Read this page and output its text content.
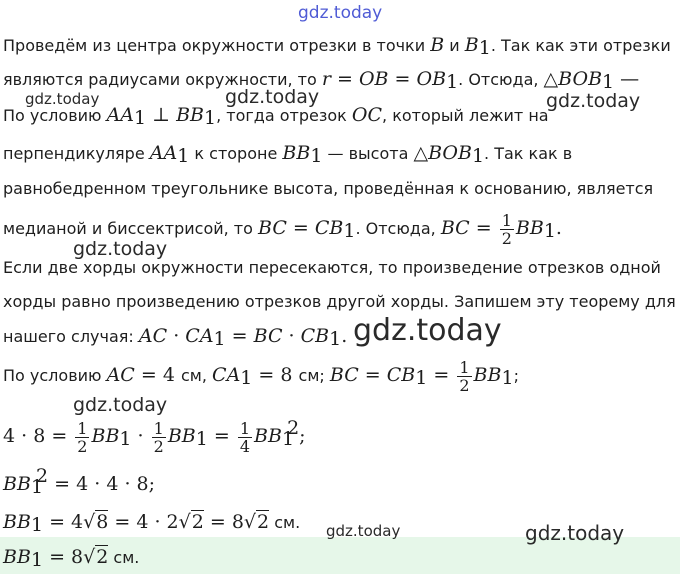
gdz.today
gdz.today	gdz.today	gdz.today
gdz.today
gdz.today
gdz.today
gdz.today	gdz.today
Проведём из центра окружности отрезки в точки B и $B_1$. Так как эти отрезки
являются радиусами окружности, то r = OB = $OB_1$. Отсюда, $\triangle BOB_1$ —
По условию $AA_1$ ⊥ $BB_1$, тогда отрезок OC, который лежит на
перпендикуляре $AA_1$ к стороне $BB_1$ — высота $\triangle BOB_1$. Так как в
равнобедренном треугольнике высота, проведённая к основанию, является
медианой и биссектрисой, то BC = $CB_1$. Отсюда, BC = $\frac{1}{2} BB_1$.
Если две хорды окружности пересекаются, то произведение отрезков одной
хорды равно произведению отрезков другой хорды. Запишем эту теорему для
нашего случая: AC · $CA_1$ = BC · $CB_1$.
По условию AC = 4 см, $CA_1 = 8$ см; BC = $CB_1 = \frac{1}{2} BB_1$;
$4 \cdot 8 = \frac{1}{2} BB_1 \cdot \frac{1}{2} BB_1 = \frac{1}{4} BB_1^2$;
$BB_1^2 = 4 \cdot 4 \cdot 8$;
$BB_1 = 4√8 = 4 \cdot 2√2 = 8√2$ см.
$BB_1 = 8√2$ см.
